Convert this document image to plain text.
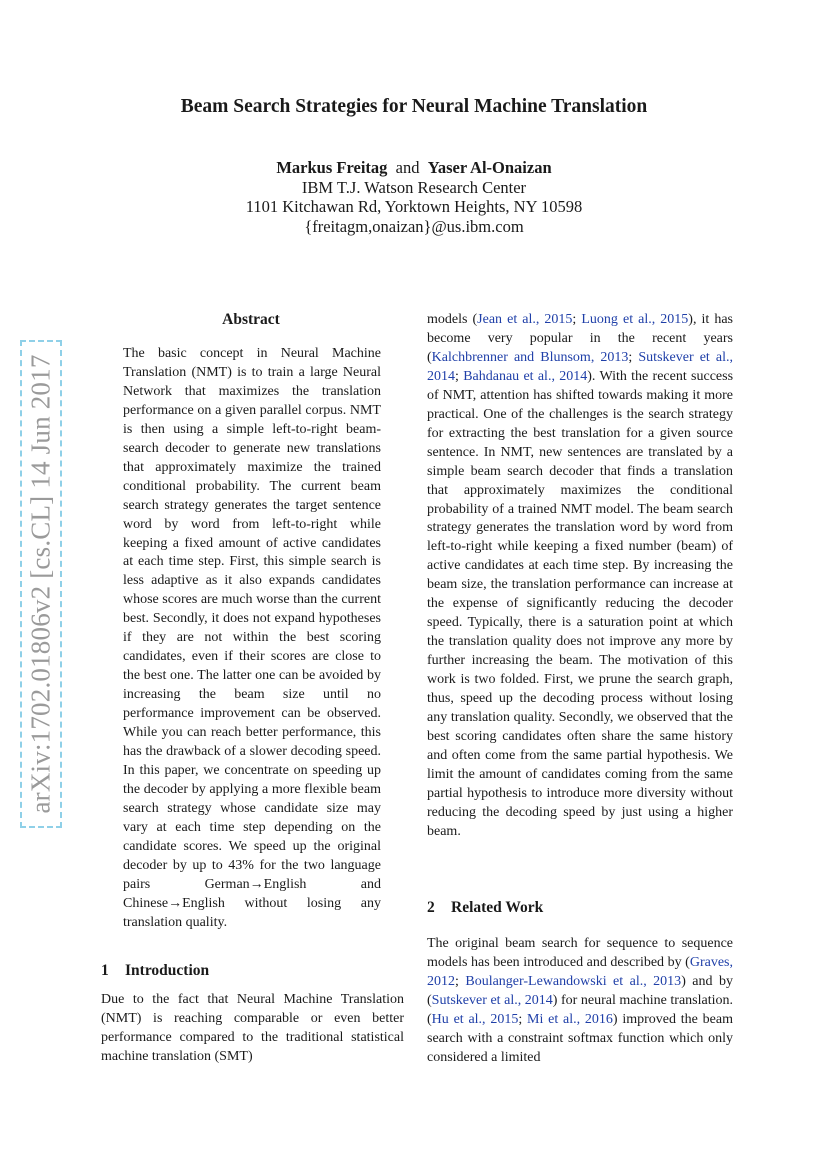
Beam Search Strategies for Neural Machine Translation
Markus Freitag and Yaser Al-Onaizan
IBM T.J. Watson Research Center
1101 Kitchawan Rd, Yorktown Heights, NY 10598
{freitagm,onaizan}@us.ibm.com
arXiv:1702.01806v2 [cs.CL] 14 Jun 2017
Abstract

The basic concept in Neural Machine Translation (NMT) is to train a large Neural Network that maximizes the translation performance on a given parallel corpus. NMT is then using a simple left-to-right beam-search decoder to generate new translations that approximately maximize the trained conditional probability. The current beam search strategy generates the target sentence word by word from left-to-right while keeping a fixed amount of active candidates at each time step. First, this simple search is less adaptive as it also expands candidates whose scores are much worse than the current best. Secondly, it does not expand hypotheses if they are not within the best scoring candidates, even if their scores are close to the best one. The latter one can be avoided by increasing the beam size until no performance improvement can be observed. While you can reach better performance, this has the drawback of a slower decoding speed. In this paper, we concentrate on speeding up the decoder by applying a more flexible beam search strategy whose candidate size may vary at each time step depending on the candidate scores. We speed up the original decoder by up to 43% for the two language pairs German→English and Chinese→English without losing any translation quality.

1 Introduction

Due to the fact that Neural Machine Translation (NMT) is reaching comparable or even better performance compared to the traditional statistical machine translation (SMT)

models (Jean et al., 2015; Luong et al., 2015), it has become very popular in the recent years (Kalchbrenner and Blunsom, 2013; Sutskever et al., 2014; Bahdanau et al., 2014). With the recent success of NMT, attention has shifted towards making it more practical. One of the challenges is the search strategy for extracting the best translation for a given source sentence. In NMT, new sentences are translated by a simple beam search decoder that finds a translation that approximately maximizes the conditional probability of a trained NMT model. The beam search strategy generates the translation word by word from left-to-right while keeping a fixed number (beam) of active candidates at each time step. By increasing the beam size, the translation performance can increase at the expense of significantly reducing the decoder speed. Typically, there is a saturation point at which the translation quality does not improve any more by further increasing the beam. The motivation of this work is two folded. First, we prune the search graph, thus, speed up the decoding process without losing any translation quality. Secondly, we observed that the best scoring candidates often share the same history and often come from the same partial hypothesis. We limit the amount of candidates coming from the same partial hypothesis to introduce more diversity without reducing the decoding speed by just using a higher beam.

2 Related Work

The original beam search for sequence to sequence models has been introduced and described by (Graves, 2012; Boulanger-Lewandowski et al., 2013) and by (Sutskever et al., 2014) for neural machine translation. (Hu et al., 2015; Mi et al., 2016) improved the beam search with a constraint softmax function which only considered a limited
